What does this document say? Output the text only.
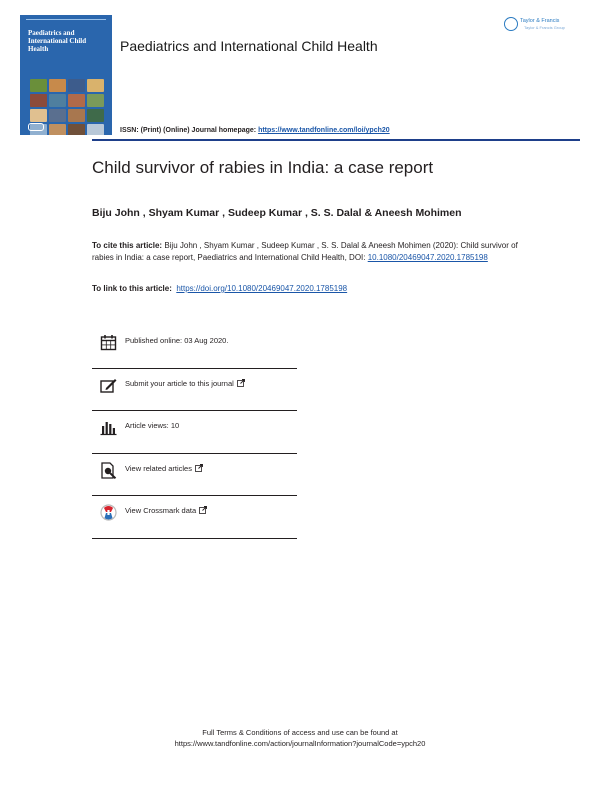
Paediatrics and International Child Health	Paediatrics and International Child Health
Taylor & Francis
Taylor & Francis Group
ISSN: (Print) (Online) Journal homepage: https://www.tandfonline.com/loi/ypch20
Child survivor of rabies in India: a case report
Biju John , Shyam Kumar , Sudeep Kumar , S. S. Dalal & Aneesh Mohimen
To cite this article: Biju John , Shyam Kumar , Sudeep Kumar , S. S. Dalal & Aneesh Mohimen (2020): Child survivor of rabies in India: a case report, Paediatrics and International Child Health, DOI: 10.1080/20469047.2020.1785198
To link to this article: https://doi.org/10.1080/20469047.2020.1785198
Published online: 03 Aug 2020.
Submit your article to this journal
Article views: 10
View related articles
View Crossmark data
Full Terms & Conditions of access and use can be found at
https://www.tandfonline.com/action/journalInformation?journalCode=ypch20
